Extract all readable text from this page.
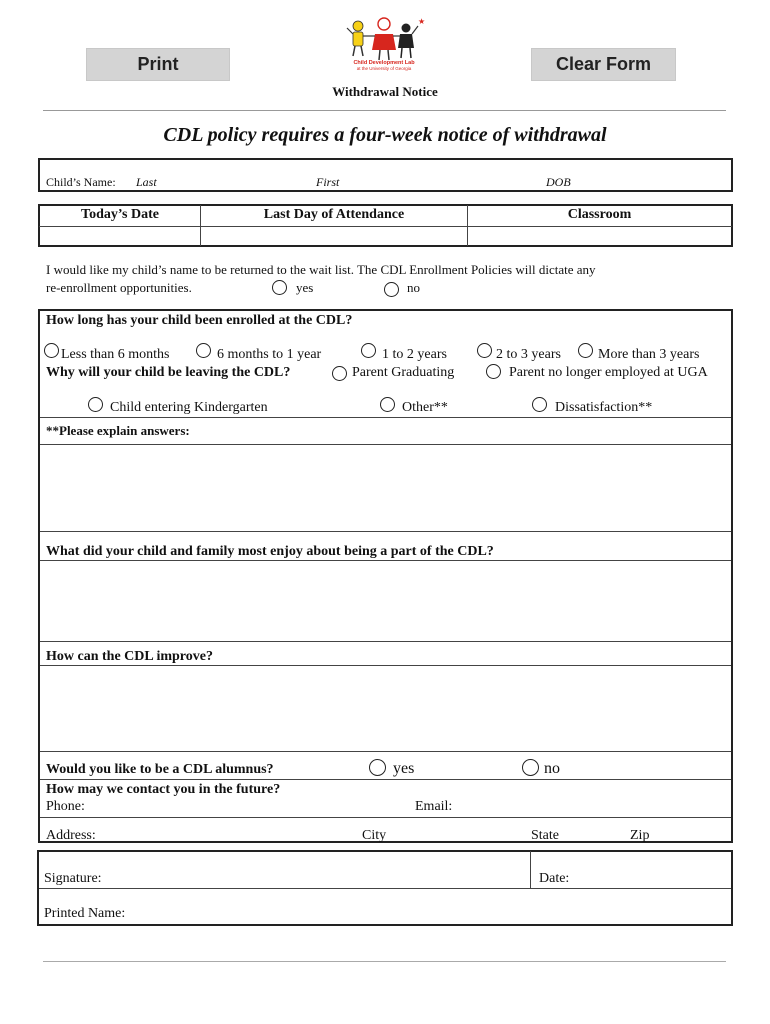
Print	Clear Form
★
Child Development Lab
at the University of Georgia
Withdrawal Notice
CDL policy requires a four-week notice of withdrawal
Child’s Name: Last	First	DOB
Today’s Date	Last Day of Attendance	Classroom
I would like my child’s name to be returned to the wait list. The CDL Enrollment Policies will dictate any
re-enrollment opportunities.	yes	no
How long has your child been enrolled at the CDL?
Less than 6 months	6 months to 1 year	1 to 2 years	2 to 3 years	More than 3 years
Why will your child be leaving the CDL?	Parent Graduating	Parent no longer employed at UGA
Child entering Kindergarten	Other**	Dissatisfaction**
**Please explain answers:
What did your child and family most enjoy about being a part of the CDL?
How can the CDL improve?
Would you like to be a CDL alumnus?	yes	no
How may we contact you in the future?
Phone:	Email:
Address:	City	State	Zip
Signature:	Date:
Printed Name:
